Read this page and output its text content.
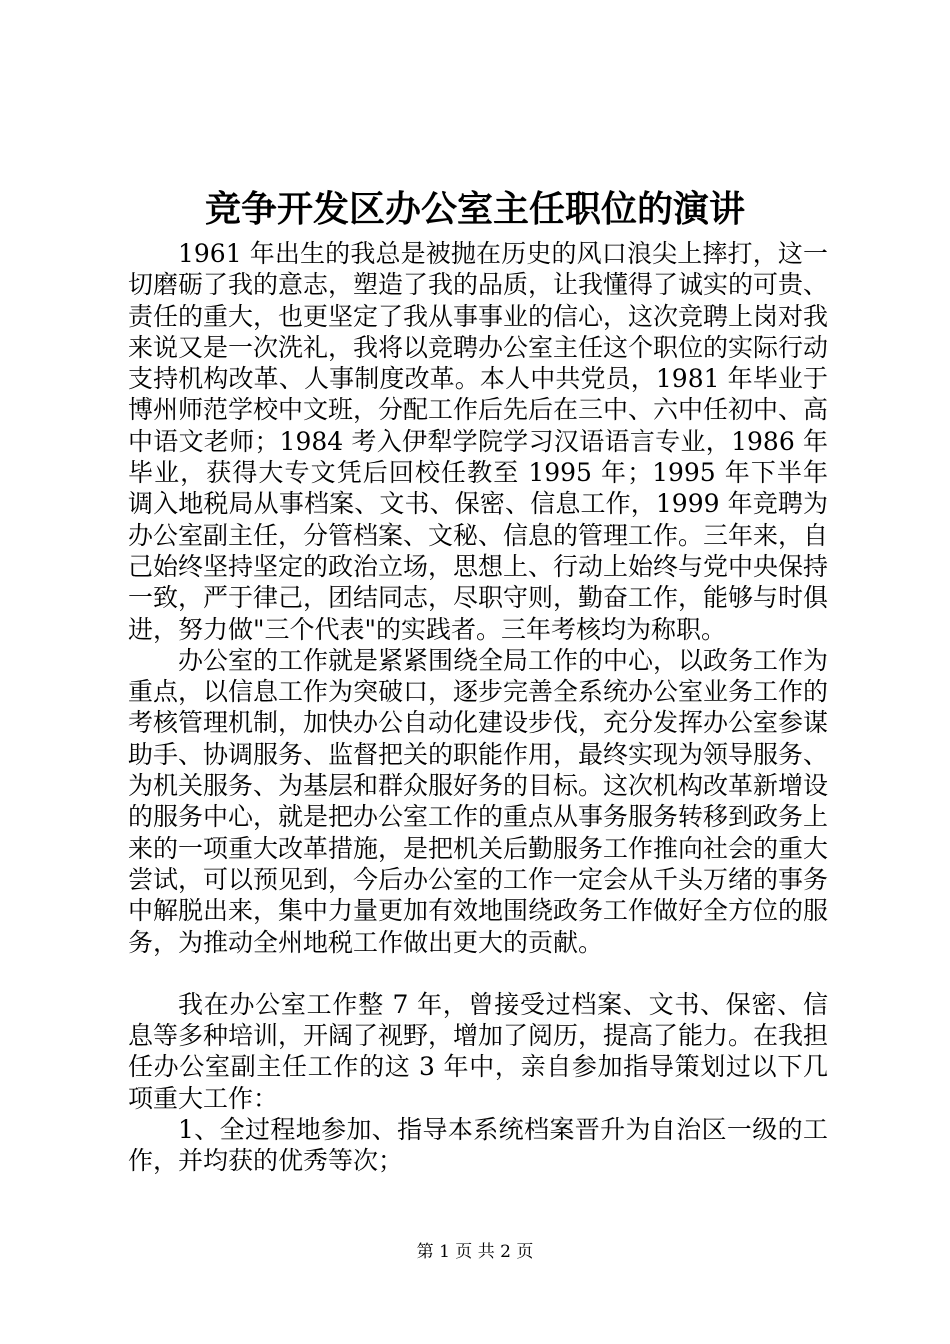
竞争开发区办公室主任职位的演讲

1961 年出生的我总是被抛在历史的风口浪尖上摔打，这一切磨砺了我的意志，塑造了我的品质，让我懂得了诚实的可贵、责任的重大，也更坚定了我从事事业的信心，这次竞聘上岗对我来说又是一次洗礼，我将以竞聘办公室主任这个职位的实际行动支持机构改革、人事制度改革。本人中共党员，1981 年毕业于博州师范学校中文班，分配工作后先后在三中、六中任初中、高中语文老师；1984 考入伊犁学院学习汉语语言专业，1986 年毕业，获得大专文凭后回校任教至 1995 年；1995 年下半年调入地税局从事档案、文书、保密、信息工作，1999 年竞聘为办公室副主任，分管档案、文秘、信息的管理工作。三年来，自己始终坚持坚定的政治立场，思想上、行动上始终与党中央保持一致，严于律己，团结同志，尽职守则，勤奋工作，能够与时俱进，努力做"三个代表"的实践者。三年考核均为称职。

办公室的工作就是紧紧围绕全局工作的中心，以政务工作为重点，以信息工作为突破口，逐步完善全系统办公室业务工作的考核管理机制，加快办公自动化建设步伐，充分发挥办公室参谋助手、协调服务、监督把关的职能作用，最终实现为领导服务、为机关服务、为基层和群众服好务的目标。这次机构改革新增设的服务中心，就是把办公室工作的重点从事务服务转移到政务上来的一项重大改革措施，是把机关后勤服务工作推向社会的重大尝试，可以预见到，今后办公室的工作一定会从千头万绪的事务中解脱出来，集中力量更加有效地围绕政务工作做好全方位的服务，为推动全州地税工作做出更大的贡献。

我在办公室工作整 7 年，曾接受过档案、文书、保密、信息等多种培训，开阔了视野，增加了阅历，提高了能力。在我担任办公室副主任工作的这 3 年中，亲自参加指导策划过以下几项重大工作：

1、全过程地参加、指导本系统档案晋升为自治区一级的工作，并均获的优秀等次；

第 1 页 共 2 页
